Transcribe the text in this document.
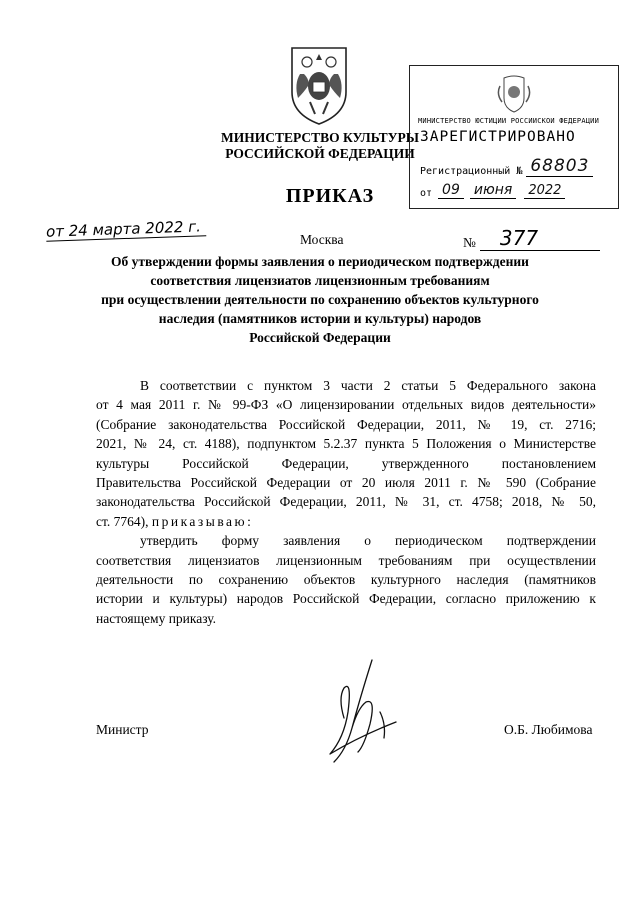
МИНИСТЕРСТВО КУЛЬТУРЫ
РОССИЙСКОЙ ФЕДЕРАЦИИ
МИНИСТЕРСТВО ЮСТИЦИИ РОССИЙСКОЙ ФЕДЕРАЦИИ
ЗАРЕГИСТРИРОВАНО
Регистрационный № 68803
от 09 июня	2022
ПРИКАЗ
от 24 марта 2022 г.	Москва	№	377
Об утверждении формы заявления о периодическом подтверждении
соответствия лицензиатов лицензионным требованиям
при осуществлении деятельности по сохранению объектов культурного
наследия (памятников истории и культуры) народов
Российской Федерации
В соответствии с пунктом 3 части 2 статьи 5 Федерального закона
от 4 мая 2011 г. № 99-ФЗ «О лицензировании отдельных видов деятельности»
(Собрание законодательства Российской Федерации, 2011, № 19, ст. 2716;
2021, № 24, ст. 4188), подпунктом 5.2.37 пункта 5 Положения о Министерстве
культуры Российской Федерации, утвержденного постановлением
Правительства Российской Федерации от 20 июля 2011 г. № 590 (Собрание
законодательства Российской Федерации, 2011, № 31, ст. 4758; 2018, № 50,
ст. 7764), приказываю:
утвердить форму заявления о периодическом подтверждении
соответствия лицензиатов лицензионным требованиям при осуществлении
деятельности по сохранению объектов культурного наследия (памятников
истории и культуры) народов Российской Федерации, согласно приложению к
настоящему приказу.
Министр	О.Б. Любимова
